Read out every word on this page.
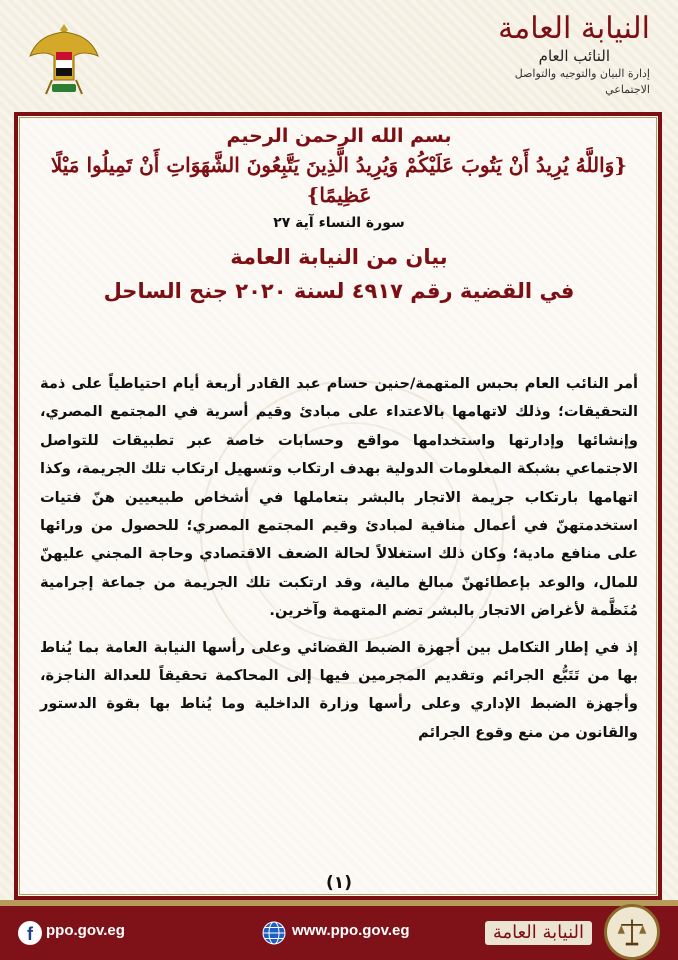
النيابة العامة
النائب العام
إدارة البيان والتوجيه والتواصل الاجتماعي
بسم الله الرحمن الرحيم
{وَاللَّهُ يُرِيدُ أَنْ يَتُوبَ عَلَيْكُمْ وَيُرِيدُ الَّذِينَ يَتَّبِعُونَ الشَّهَوَاتِ أَنْ تَمِيلُوا مَيْلًا عَظِيمًا}
سورة النساء آية ٢٧
بيان من النيابة العامة
في القضية رقم ٤٩١٧ لسنة ٢٠٢٠ جنح الساحل

أمر النائب العام بحبس المتهمة/حنين حسام عبد القادر أربعة أيام احتياطياً على ذمة التحقيقات؛ وذلك لاتهامها بالاعتداء على مبادئ وقيم أسرية في المجتمع المصري، وإنشائها وإدارتها واستخدامها مواقع وحسابات خاصة عبر تطبيقات للتواصل الاجتماعي بشبكة المعلومات الدولية بهدف ارتكاب وتسهيل ارتكاب تلك الجريمة، وكذا اتهامها بارتكاب جريمة الاتجار بالبشر بتعاملها في أشخاص طبيعيين هنّ فتيات استخدمتهنّ في أعمال منافية لمبادئ وقيم المجتمع المصري؛ للحصول من ورائها على منافع مادية؛ وكان ذلك استغلالاً لحالة الضعف الاقتصادي وحاجة المجني عليهنّ للمال، والوعد بإعطائهنّ مبالغ مالية، وقد ارتكبت تلك الجريمة من جماعة إجرامية مُنَظَّمة لأغراض الاتجار بالبشر تضم المتهمة وآخرين.

إذ في إطار التكامل بين أجهزة الضبط القضائي وعلى رأسها النيابة العامة بما يُناط بها من تَتَبُّع الجرائم وتقديم المجرمين فيها إلى المحاكمة تحقيقاً للعدالة الناجزة، وأجهزة الضبط الإداري وعلى رأسها وزارة الداخلية وما يُناط بها بقوة الدستور والقانون من منع وقوع الجرائم

(١)
f ppo.gov.eg	www.ppo.gov.eg	النيابة العامة
